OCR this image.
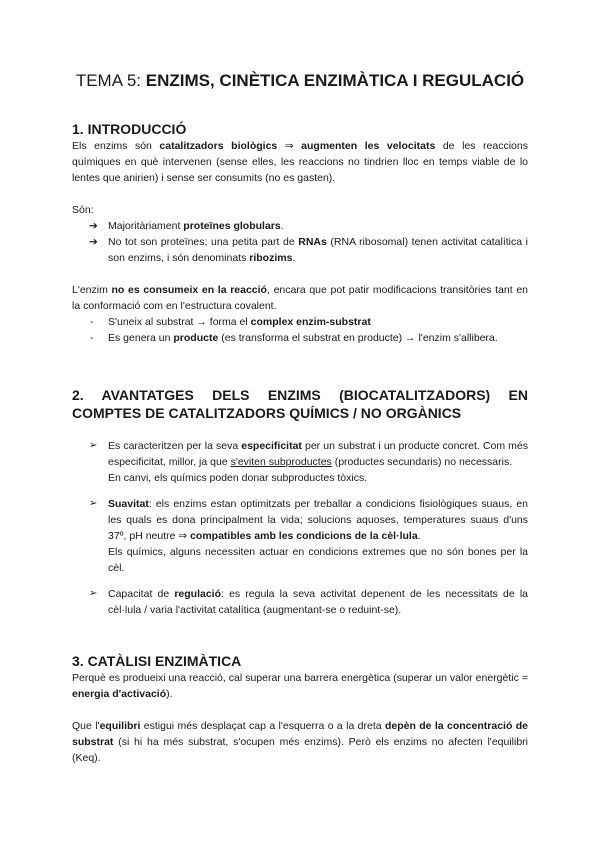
TEMA 5: ENZIMS, CINÈTICA ENZIMÀTICA I REGULACIÓ
1. INTRODUCCIÓ

Els enzims són catalitzadors biològics ⇒ augmenten les velocitats de les reaccions químiques en què intervenen (sense elles, les reaccions no tindrien lloc en temps viable de lo lentes que anirien) i sense ser consumits (no es gasten).

Són:

➔ Majoritàriament proteïnes globulars.
➔ No tot son proteïnes; una petita part de RNAs (RNA ribosomal) tenen activitat catalítica i son enzims, i són denominats ribozims.

L'enzim no es consumeix en la reacció, encara que pot patir modificacions transitòries tant en la conformació com en l'estructura covalent.

- S'uneix al substrat → forma el complex enzim-substrat
- Es genera un producte (es transforma el substrat en producte) → l'enzim s'allibera.
2. AVANTATGES DELS ENZIMS (BIOCATALITZADORS) EN COMPTES DE CATALITZADORS QUÍMICS / NO ORGÀNICS
➢ Es caracteritzen per la seva especificitat per un substrat i un producte concret. Com més especificitat, millor, ja que s'eviten subproductes (productes secundaris) no necessaris.
En canvi, els químics poden donar subproductes tòxics.
➢ Suavitat: els enzims estan optimitzats per treballar a condicions fisiològiques suaus, en les quals es dona principalment la vida; solucions aquoses, temperatures suaus d'uns 37º, pH neutre ⇒ compatibles amb les condicions de la cèl·lula.
Els químics, alguns necessiten actuar en condicions extremes que no són bones per la cèl.
➢ Capacitat de regulació: es regula la seva activitat depenent de les necessitats de la cèl·lula / varia l'activitat catalítica (augmentant-se o reduint-se).
3. CATÀLISI ENZIMÀTICA

Perquè es produeixi una reacció, cal superar una barrera energètica (superar un valor energètic = energia d'activació).

Que l'equilibri estigui més desplaçat cap a l'esquerra o a la dreta depèn de la concentració de substrat (si hi ha més substrat, s'ocupen més enzims). Però els enzims no afecten l'equilibri (Keq).
